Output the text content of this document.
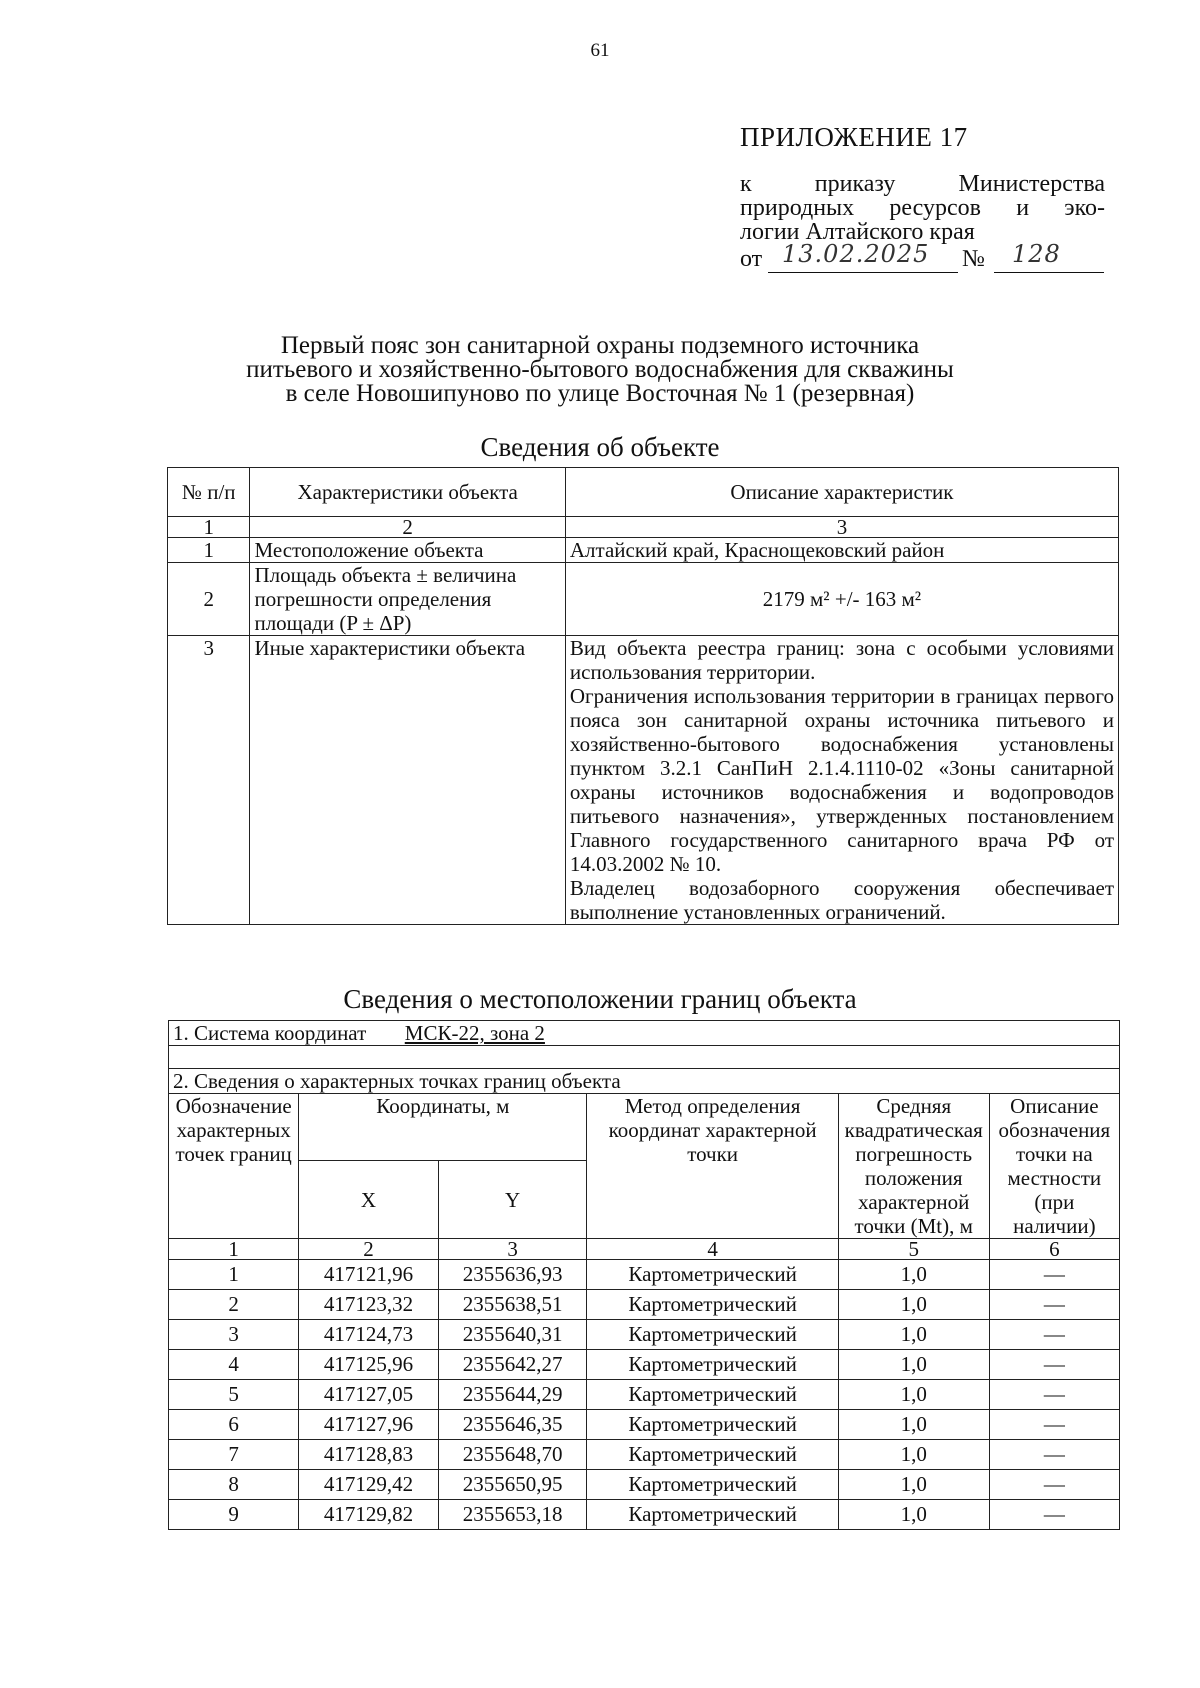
61
ПРИЛОЖЕНИЕ 17
к приказу Министерства
природных ресурсов и эко-
логии Алтайского края
от 13.02.2025 № 128
Первый пояс зон санитарной охраны подземного источника
питьевого и хозяйственно-бытового водоснабжения для скважины
в селе Новошипуново по улице Восточная № 1 (резервная)
Сведения об объекте
№ п/п	Характеристики объекта	Описание характеристик
1	2	3
1	Местоположение объекта	Алтайский край, Краснощековский район
2	Площадь объекта ± величина погрешности определения площади (P ± ΔP)	2179 м² +/- 163 м²
3	Иные характеристики объекта	Вид объекта реестра границ: зона с особыми условиями использования территории.
Ограничения использования территории в границах первого пояса зон санитарной охраны источника питьевого и хозяйственно-бытового водоснабжения установлены пунктом 3.2.1 СанПиН 2.1.4.1110-02 «Зоны санитарной охраны источников водоснабжения и водопроводов питьевого назначения», утвержденных постановлением Главного государственного санитарного врача РФ от 14.03.2002 № 10.
Владелец водозаборного сооружения обеспечивает выполнение установленных ограничений.
Сведения о местоположении границ объекта
1. Система координат МСК-22, зона 2					

2. Сведения о характерных точках границ объекта					
Обозначение характерных точек границ	Координаты, м		Метод определения координат характерной точки	Средняя квадратическая погрешность положения характерной точки (Mt), м	Описание обозначения точки на местности (при наличии)
	X	Y			
1	2	3	4	5	6
1	417121,96	2355636,93	Картометрический	1,0	—
2	417123,32	2355638,51	Картометрический	1,0	—
3	417124,73	2355640,31	Картометрический	1,0	—
4	417125,96	2355642,27	Картометрический	1,0	—
5	417127,05	2355644,29	Картометрический	1,0	—
6	417127,96	2355646,35	Картометрический	1,0	—
7	417128,83	2355648,70	Картометрический	1,0	—
8	417129,42	2355650,95	Картометрический	1,0	—
9	417129,82	2355653,18	Картометрический	1,0	—
